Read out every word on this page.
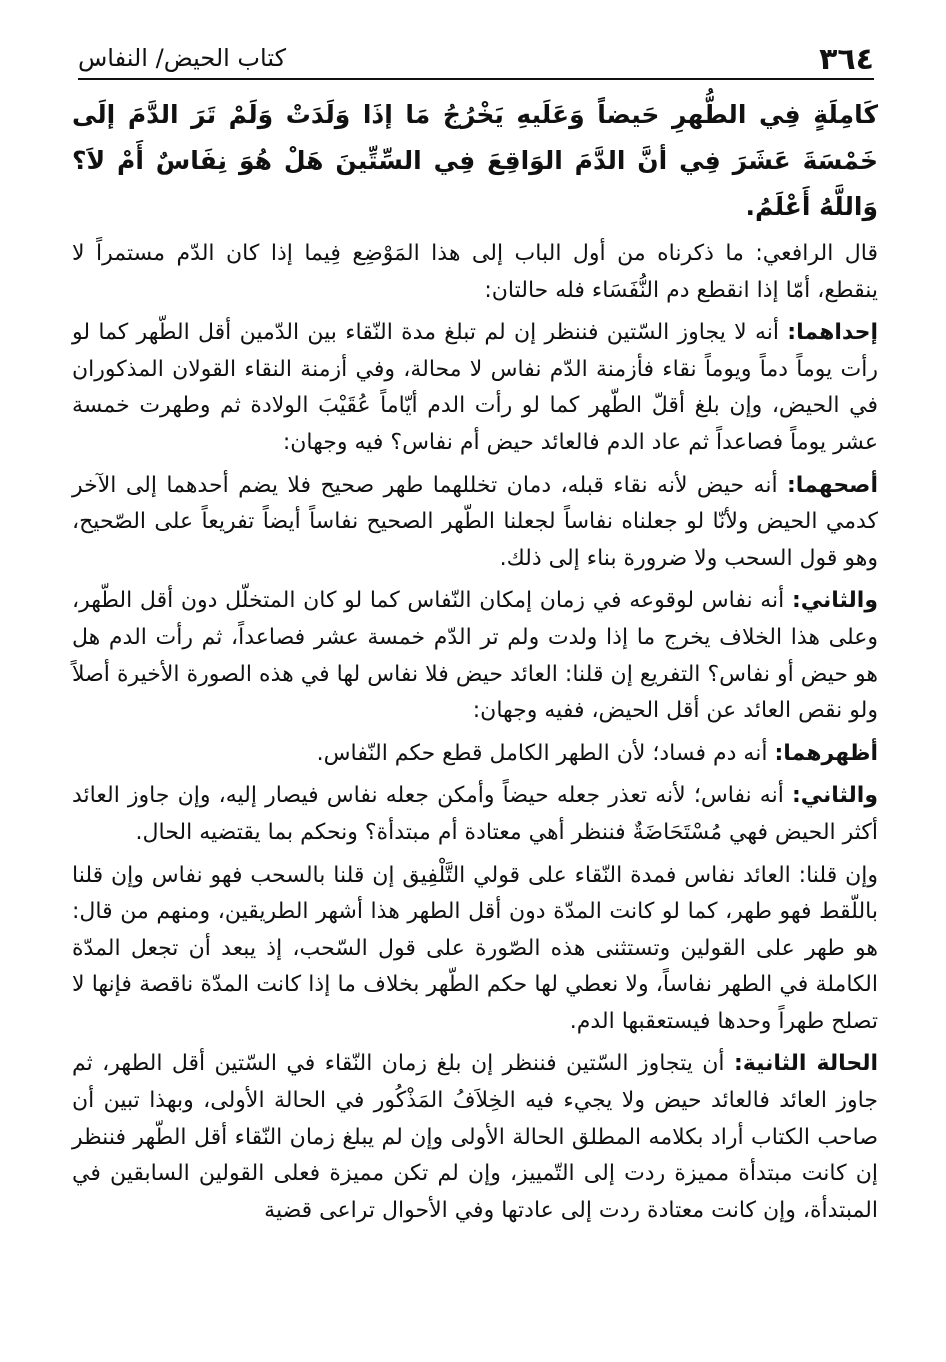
٣٦٤
كتاب الحيض/ النفاس

كَامِلَةٍ فِي الطُّهرِ حَيضاً وَعَلَيهِ يَخْرُجُ مَا إذَا وَلَدَتْ وَلَمْ تَرَ الدَّمَ إلَى خَمْسَةَ عَشَرَ فِي أنَّ الدَّمَ الوَاقِعَ فِي السِّتِّينَ هَلْ هُوَ نِفَاسٌ أَمْ لاَ؟ وَاللَّهُ أَعْلَمُ.

قال الرافعي: ما ذكرناه من أول الباب إلى هذا المَوْضِع فِيما إذا كان الدّم مستمراً لا ينقطع، أمّا إذا انقطع دم النُّفَسَاء فله حالتان:

إحداهما: أنه لا يجاوز السّتين فننظر إن لم تبلغ مدة النّقاء بين الدّمين أقل الطّهر كما لو رأت يوماً دماً ويوماً نقاء فأزمنة الدّم نفاس لا محالة، وفي أزمنة النقاء القولان المذكوران في الحيض، وإن بلغ أقلّ الطّهر كما لو رأت الدم أيّاماً عُقَيْبَ الولادة ثم وطهرت خمسة عشر يوماً فصاعداً ثم عاد الدم فالعائد حيض أم نفاس؟ فيه وجهان:

أصحهما: أنه حيض لأنه نقاء قبله، دمان تخللهما طهر صحيح فلا يضم أحدهما إلى الآخر كدمي الحيض ولأنّا لو جعلناه نفاساً لجعلنا الطّهر الصحيح نفاساً أيضاً تفريعاً على الصّحيح، وهو قول السحب ولا ضرورة بناء إلى ذلك.

والثاني: أنه نفاس لوقوعه في زمان إمكان النّفاس كما لو كان المتخلّل دون أقل الطّهر، وعلى هذا الخلاف يخرج ما إذا ولدت ولم تر الدّم خمسة عشر فصاعداً، ثم رأت الدم هل هو حيض أو نفاس؟ التفريع إن قلنا: العائد حيض فلا نفاس لها في هذه الصورة الأخيرة أصلاً ولو نقص العائد عن أقل الحيض، ففيه وجهان:

أظهرهما: أنه دم فساد؛ لأن الطهر الكامل قطع حكم النّفاس.

والثاني: أنه نفاس؛ لأنه تعذر جعله حيضاً وأمكن جعله نفاس فيصار إليه، وإن جاوز العائد أكثر الحيض فهي مُسْتَحَاضَةٌ فننظر أهي معتادة أم مبتدأة؟ ونحكم بما يقتضيه الحال.

وإن قلنا: العائد نفاس فمدة النّقاء على قولي التَّلْفِيق إن قلنا بالسحب فهو نفاس وإن قلنا باللّقط فهو طهر، كما لو كانت المدّة دون أقل الطهر هذا أشهر الطريقين، ومنهم من قال: هو طهر على القولين وتستثنى هذه الصّورة على قول السّحب، إذ يبعد أن تجعل المدّة الكاملة في الطهر نفاساً، ولا نعطي لها حكم الطّهر بخلاف ما إذا كانت المدّة ناقصة فإنها لا تصلح طهراً وحدها فيستعقبها الدم.

الحالة الثانية: أن يتجاوز السّتين فننظر إن بلغ زمان النّقاء في السّتين أقل الطهر، ثم جاوز العائد فالعائد حيض ولا يجيء فيه الخِلاَفُ المَذْكُور في الحالة الأولى، وبهذا تبين أن صاحب الكتاب أراد بكلامه المطلق الحالة الأولى وإن لم يبلغ زمان النّقاء أقل الطّهر فننظر إن كانت مبتدأة مميزة ردت إلى التّمييز، وإن لم تكن مميزة فعلى القولين السابقين في المبتدأة، وإن كانت معتادة ردت إلى عادتها وفي الأحوال تراعى قضية
